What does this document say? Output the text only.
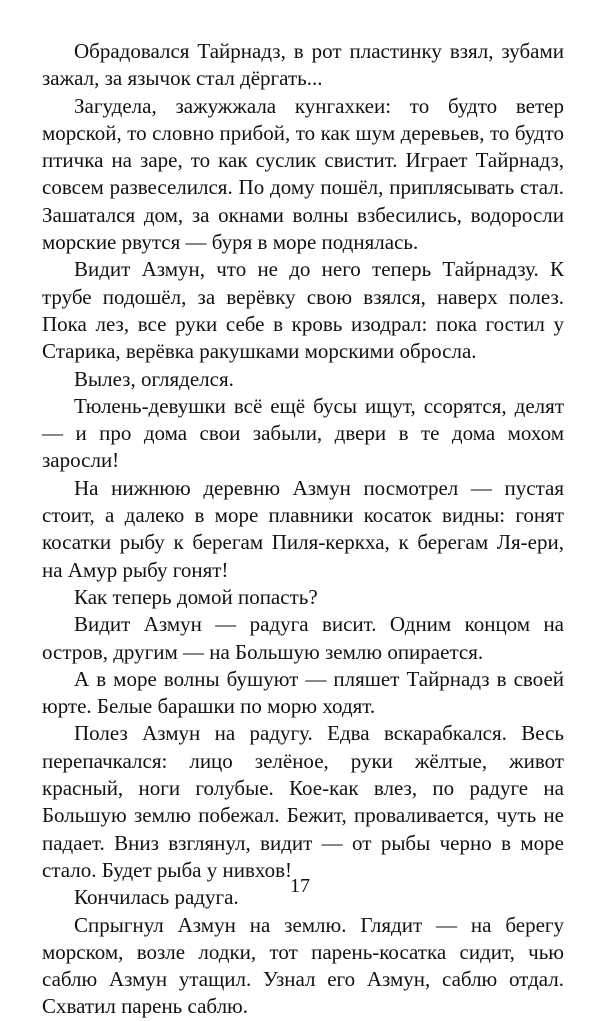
Обрадовался Тайрнадз, в рот пластинку взял, зубами зажал, за язычок стал дёргать...

Загудела, зажужжала кунгахкеи: то будто ветер морской, то словно прибой, то как шум деревьев, то будто птичка на заре, то как суслик свистит. Играет Тайрнадз, совсем развеселился. По дому пошёл, приплясывать стал. Зашатался дом, за окнами волны взбесились, водоросли морские рвутся — буря в море поднялась.

Видит Азмун, что не до него теперь Тайрнадзу. К трубе подошёл, за верёвку свою взялся, наверх полез. Пока лез, все руки себе в кровь изодрал: пока гостил у Старика, верёвка ракушками морскими обросла.

Вылез, огляделся.

Тюлень-девушки всё ещё бусы ищут, ссорятся, делят — и про дома свои забыли, двери в те дома мохом заросли!

На нижнюю деревню Азмун посмотрел — пустая стоит, а далеко в море плавники косаток видны: гонят косатки рыбу к берегам Пиля-керкха, к берегам Ля-ери, на Амур рыбу гонят!

Как теперь домой попасть?

Видит Азмун — радуга висит. Одним концом на остров, другим — на Большую землю опирается.

А в море волны бушуют — пляшет Тайрнадз в своей юрте. Белые барашки по морю ходят.

Полез Азмун на радугу. Едва вскарабкался. Весь перепачкался: лицо зелёное, руки жёлтые, живот красный, ноги голубые. Кое-как влез, по радуге на Большую землю побежал. Бежит, проваливается, чуть не падает. Вниз взглянул, видит — от рыбы черно в море стало. Будет рыба у нивхов!

Кончилась радуга.

Спрыгнул Азмун на землю. Глядит — на берегу морском, возле лодки, тот парень-косатка сидит, чью саблю Азмун утащил. Узнал его Азмун, саблю отдал. Схватил парень саблю.

17
